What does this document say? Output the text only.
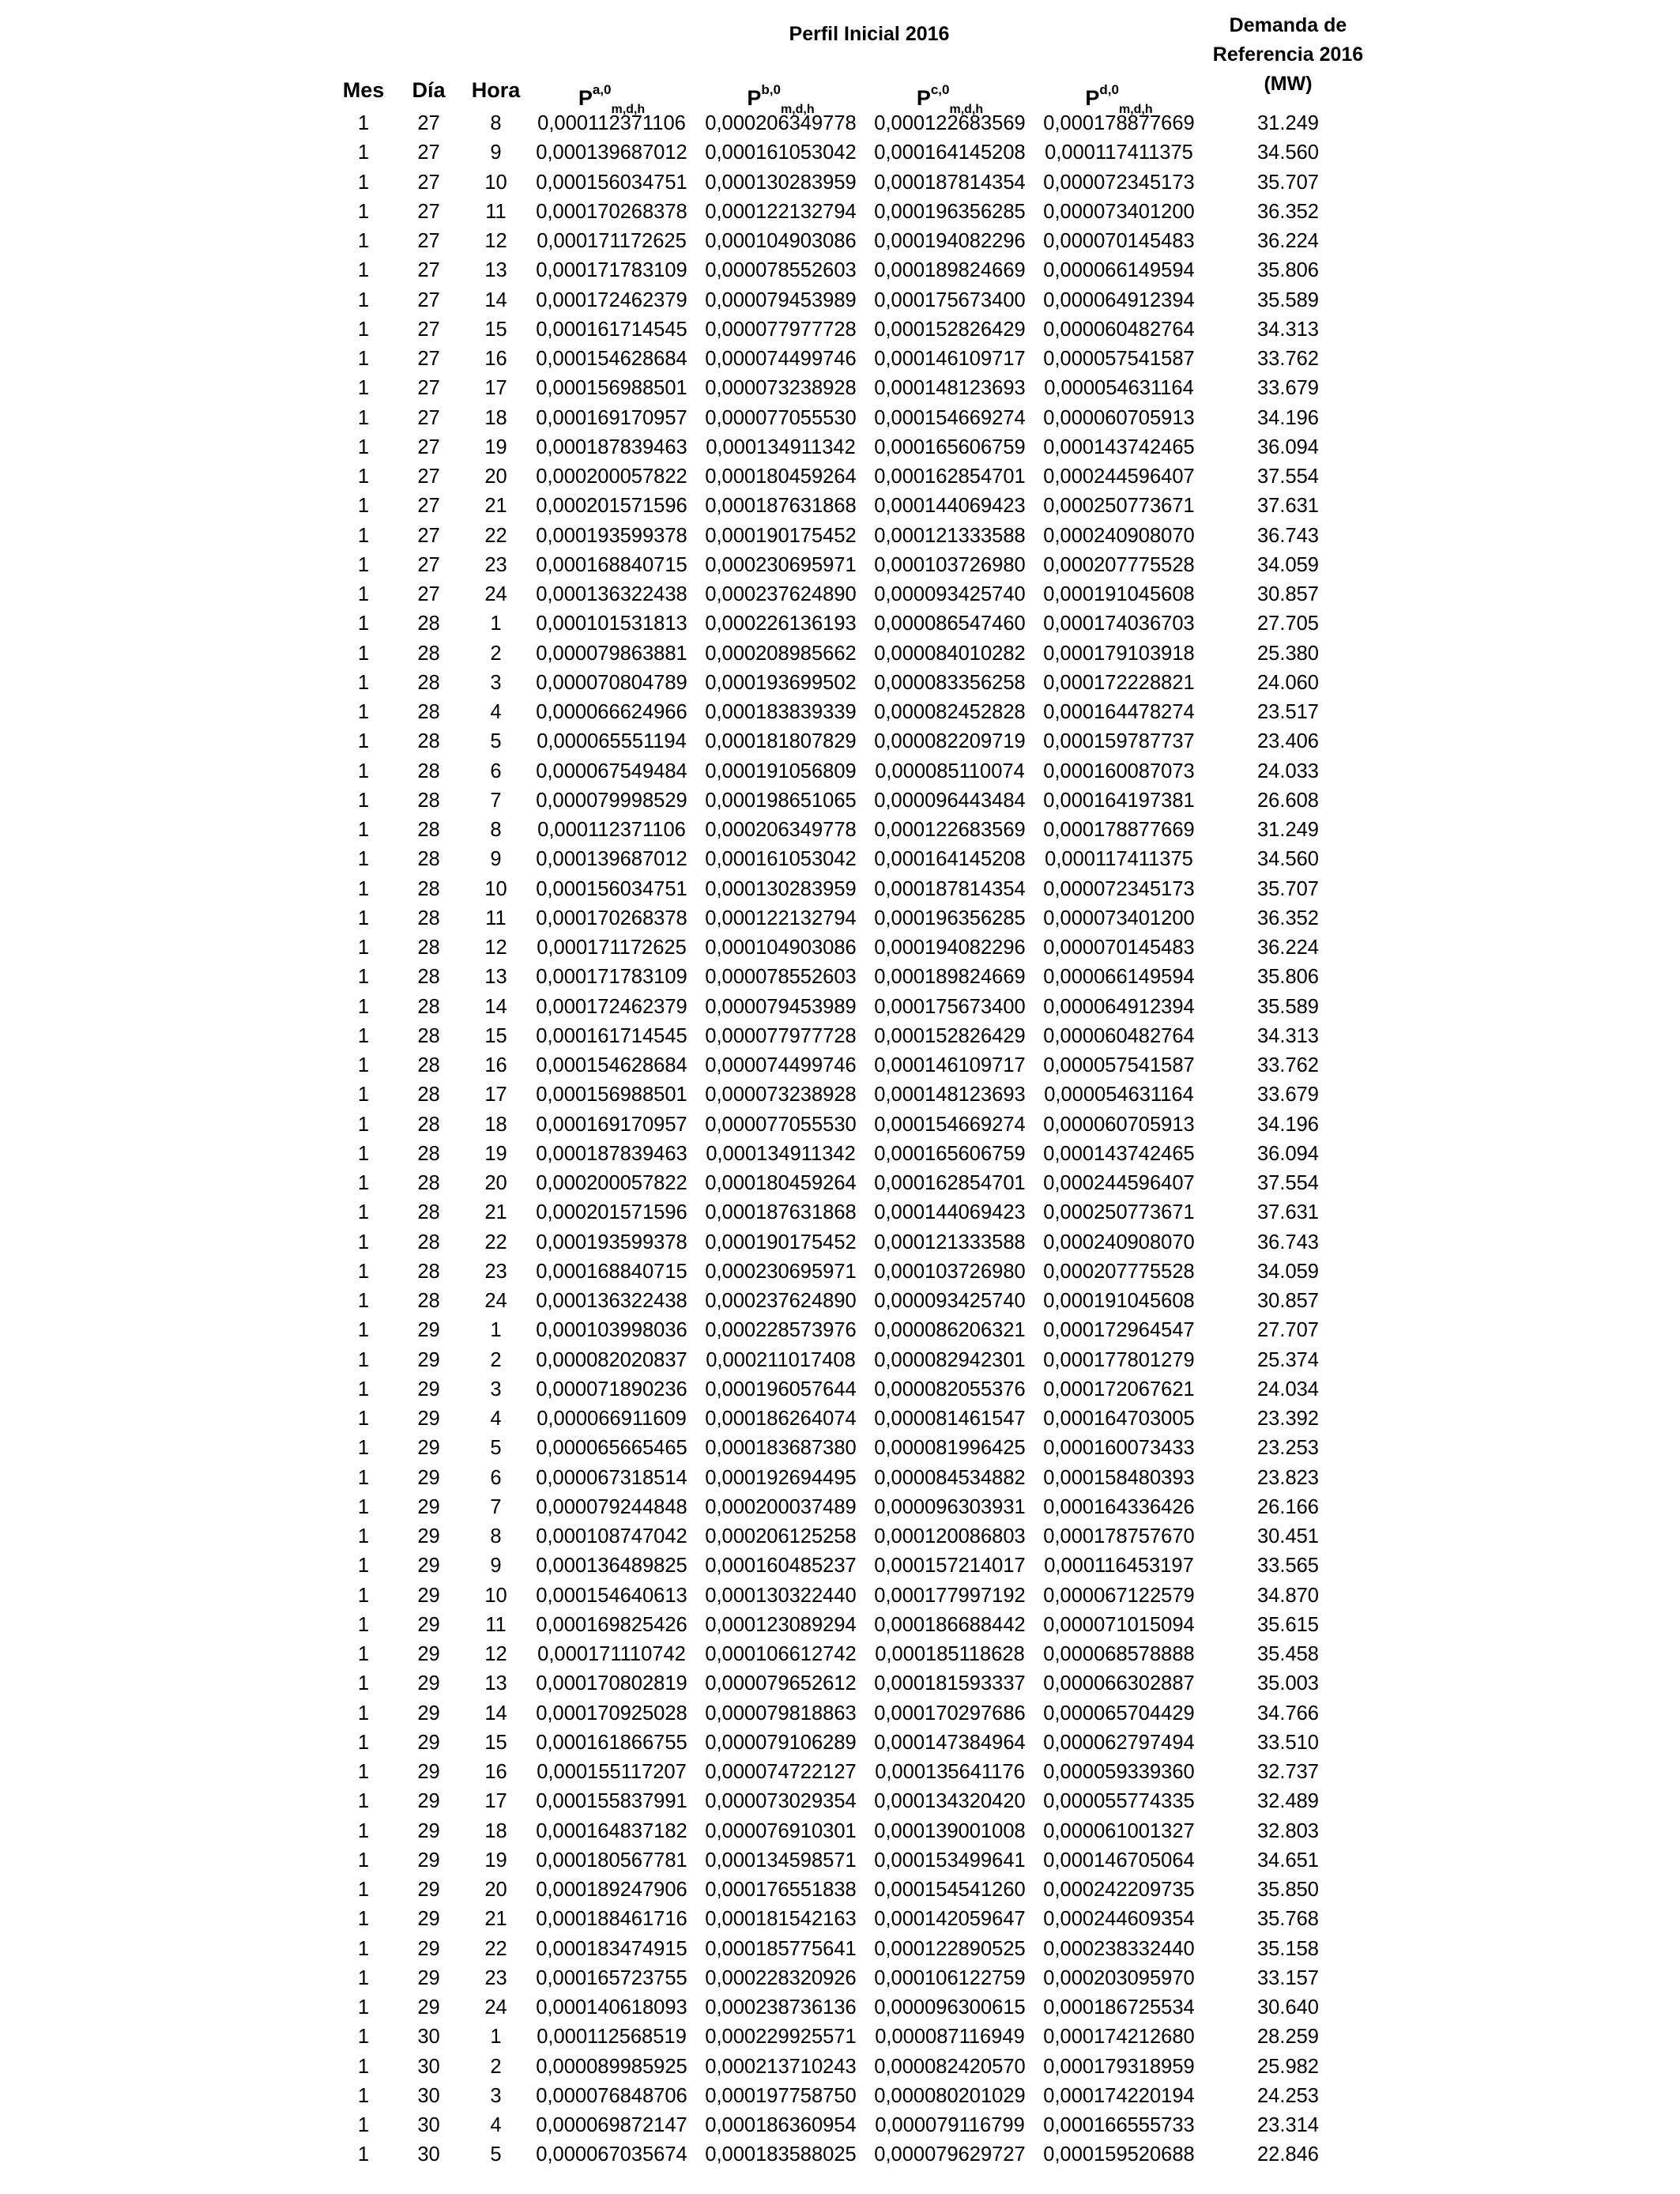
Perfil Inicial 2016	Demanda de
Referencia 2016
(MW)
Mes	Día	Hora	P$^{a,0}_{m,d,h}$	P$^{b,0}_{m,d,h}$	P$^{c,0}_{m,d,h}$	P$^{d,0}_{m,d,h}$
1	27	8	0,000112371106 0,000206349778 0,000122683569 0,000178877669	31.249
1	27	9	0,000139687012 0,000161053042 0,000164145208 0,000117411375	34.560
1	27	10	0,000156034751 0,000130283959 0,000187814354 0,000072345173	35.707
1	27	11	0,000170268378 0,000122132794 0,000196356285 0,000073401200	36.352
1	27	12	0,000171172625 0,000104903086 0,000194082296 0,000070145483	36.224
1	27	13	0,000171783109 0,000078552603 0,000189824669 0,000066149594	35.806
1	27	14	0,000172462379 0,000079453989 0,000175673400 0,000064912394	35.589
1	27	15	0,000161714545 0,000077977728 0,000152826429 0,000060482764	34.313
1	27	16	0,000154628684 0,000074499746 0,000146109717 0,000057541587	33.762
1	27	17	0,000156988501 0,000073238928 0,000148123693 0,000054631164	33.679
1	27	18	0,000169170957 0,000077055530 0,000154669274 0,000060705913	34.196
1	27	19	0,000187839463 0,000134911342 0,000165606759 0,000143742465	36.094
1	27	20	0,000200057822 0,000180459264 0,000162854701 0,000244596407	37.554
1	27	21	0,000201571596 0,000187631868 0,000144069423 0,000250773671	37.631
1	27	22	0,000193599378 0,000190175452 0,000121333588 0,000240908070	36.743
1	27	23	0,000168840715 0,000230695971 0,000103726980 0,000207775528	34.059
1	27	24	0,000136322438 0,000237624890 0,000093425740 0,000191045608	30.857
1	28	1	0,000101531813 0,000226136193 0,000086547460 0,000174036703	27.705
1	28	2	0,000079863881 0,000208985662 0,000084010282 0,000179103918	25.380
1	28	3	0,000070804789 0,000193699502 0,000083356258 0,000172228821	24.060
1	28	4	0,000066624966 0,000183839339 0,000082452828 0,000164478274	23.517
1	28	5	0,000065551194 0,000181807829 0,000082209719 0,000159787737	23.406
1	28	6	0,000067549484 0,000191056809 0,000085110074 0,000160087073	24.033
1	28	7	0,000079998529 0,000198651065 0,000096443484 0,000164197381	26.608
1	28	8	0,000112371106 0,000206349778 0,000122683569 0,000178877669	31.249
1	28	9	0,000139687012 0,000161053042 0,000164145208 0,000117411375	34.560
1	28	10	0,000156034751 0,000130283959 0,000187814354 0,000072345173	35.707
1	28	11	0,000170268378 0,000122132794 0,000196356285 0,000073401200	36.352
1	28	12	0,000171172625 0,000104903086 0,000194082296 0,000070145483	36.224
1	28	13	0,000171783109 0,000078552603 0,000189824669 0,000066149594	35.806
1	28	14	0,000172462379 0,000079453989 0,000175673400 0,000064912394	35.589
1	28	15	0,000161714545 0,000077977728 0,000152826429 0,000060482764	34.313
1	28	16	0,000154628684 0,000074499746 0,000146109717 0,000057541587	33.762
1	28	17	0,000156988501 0,000073238928 0,000148123693 0,000054631164	33.679
1	28	18	0,000169170957 0,000077055530 0,000154669274 0,000060705913	34.196
1	28	19	0,000187839463 0,000134911342 0,000165606759 0,000143742465	36.094
1	28	20	0,000200057822 0,000180459264 0,000162854701 0,000244596407	37.554
1	28	21	0,000201571596 0,000187631868 0,000144069423 0,000250773671	37.631
1	28	22	0,000193599378 0,000190175452 0,000121333588 0,000240908070	36.743
1	28	23	0,000168840715 0,000230695971 0,000103726980 0,000207775528	34.059
1	28	24	0,000136322438 0,000237624890 0,000093425740 0,000191045608	30.857
1	29	1	0,000103998036 0,000228573976 0,000086206321 0,000172964547	27.707
1	29	2	0,000082020837 0,000211017408 0,000082942301 0,000177801279	25.374
1	29	3	0,000071890236 0,000196057644 0,000082055376 0,000172067621	24.034
1	29	4	0,000066911609 0,000186264074 0,000081461547 0,000164703005	23.392
1	29	5	0,000065665465 0,000183687380 0,000081996425 0,000160073433	23.253
1	29	6	0,000067318514 0,000192694495 0,000084534882 0,000158480393	23.823
1	29	7	0,000079244848 0,000200037489 0,000096303931 0,000164336426	26.166
1	29	8	0,000108747042 0,000206125258 0,000120086803 0,000178757670	30.451
1	29	9	0,000136489825 0,000160485237 0,000157214017 0,000116453197	33.565
1	29	10	0,000154640613 0,000130322440 0,000177997192 0,000067122579	34.870
1	29	11	0,000169825426 0,000123089294 0,000186688442 0,000071015094	35.615
1	29	12	0,000171110742 0,000106612742 0,000185118628 0,000068578888	35.458
1	29	13	0,000170802819 0,000079652612 0,000181593337 0,000066302887	35.003
1	29	14	0,000170925028 0,000079818863 0,000170297686 0,000065704429	34.766
1	29	15	0,000161866755 0,000079106289 0,000147384964 0,000062797494	33.510
1	29	16	0,000155117207 0,000074722127 0,000135641176 0,000059339360	32.737
1	29	17	0,000155837991 0,000073029354 0,000134320420 0,000055774335	32.489
1	29	18	0,000164837182 0,000076910301 0,000139001008 0,000061001327	32.803
1	29	19	0,000180567781 0,000134598571 0,000153499641 0,000146705064	34.651
1	29	20	0,000189247906 0,000176551838 0,000154541260 0,000242209735	35.850
1	29	21	0,000188461716 0,000181542163 0,000142059647 0,000244609354	35.768
1	29	22	0,000183474915 0,000185775641 0,000122890525 0,000238332440	35.158
1	29	23	0,000165723755 0,000228320926 0,000106122759 0,000203095970	33.157
1	29	24	0,000140618093 0,000238736136 0,000096300615 0,000186725534	30.640
1	30	1	0,000112568519 0,000229925571 0,000087116949 0,000174212680	28.259
1	30	2	0,000089985925 0,000213710243 0,000082420570 0,000179318959	25.982
1	30	3	0,000076848706 0,000197758750 0,000080201029 0,000174220194	24.253
1	30	4	0,000069872147 0,000186360954 0,000079116799 0,000166555733	23.314
1	30	5	0,000067035674 0,000183588025 0,000079629727 0,000159520688	22.846
